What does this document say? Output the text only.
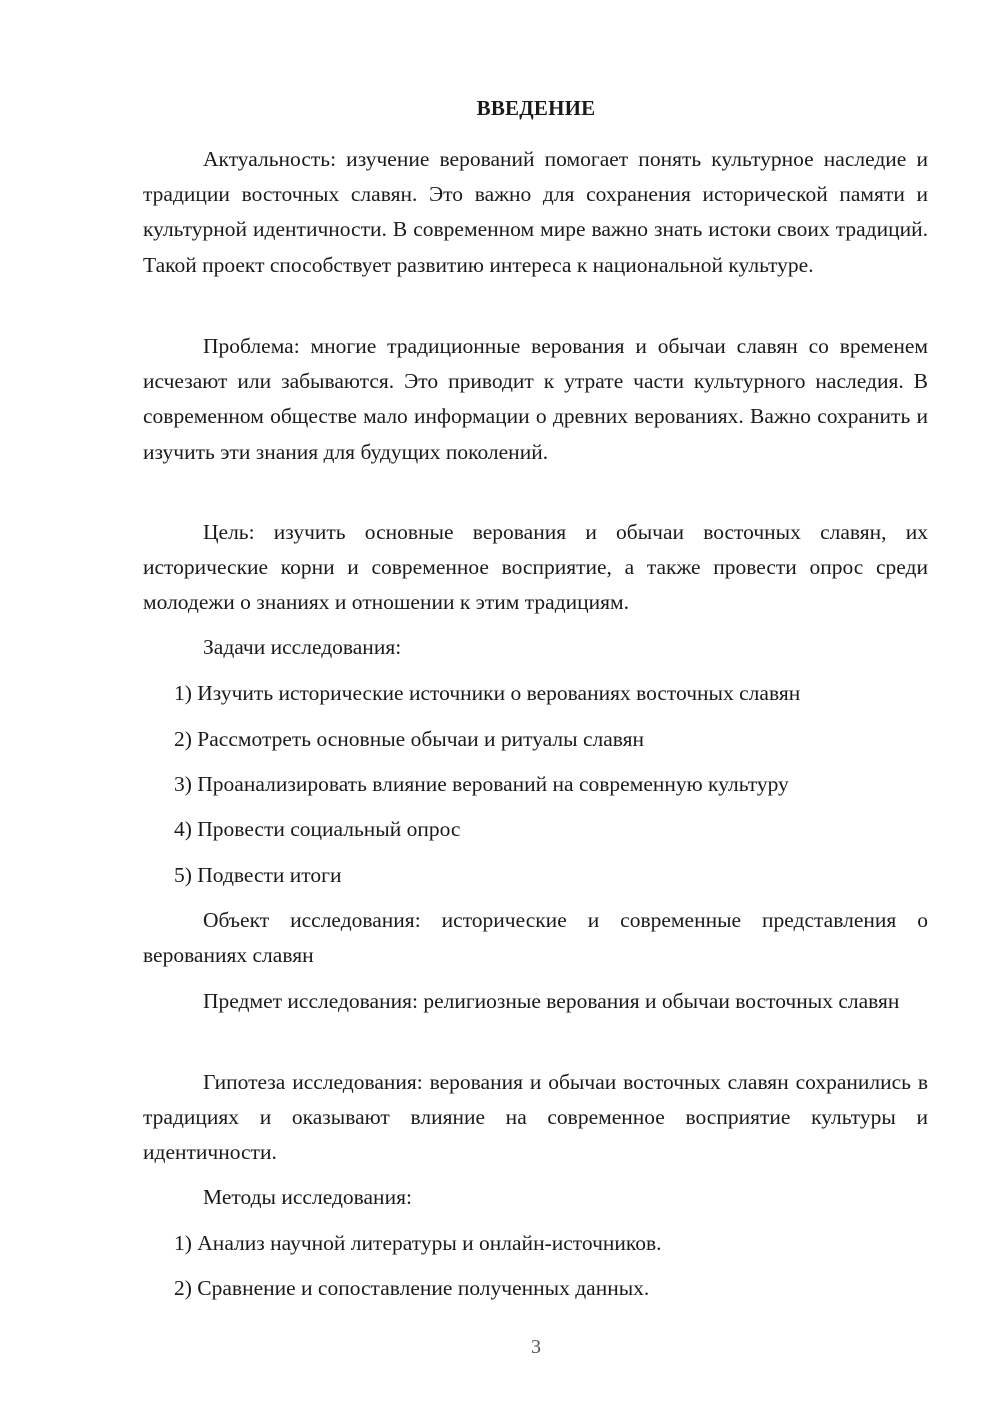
ВВЕДЕНИЕ

Актуальность: изучение верований помогает понять культурное наследие и традиции восточных славян. Это важно для сохранения исторической памяти и культурной идентичности. В современном мире важно знать истоки своих традиций. Такой проект способствует развитию интереса к национальной культуре.

Проблема: многие традиционные верования и обычаи славян со временем исчезают или забываются. Это приводит к утрате части культурного наследия. В современном обществе мало информации о древних верованиях. Важно сохранить и изучить эти знания для будущих поколений.

Цель: изучить основные верования и обычаи восточных славян, их исторические корни и современное восприятие, а также провести опрос среди молодежи о знаниях и отношении к этим традициям.

Задачи исследования:
1) Изучить исторические источники о верованиях восточных славян
2) Рассмотреть основные обычаи и ритуалы славян
3) Проанализировать влияние верований на современную культуру
4) Провести социальный опрос
5) Подвести итоги

Объект исследования: исторические и современные представления о верованиях славян

Предмет исследования: религиозные верования и обычаи восточных славян

Гипотеза исследования: верования и обычаи восточных славян сохранились в традициях и оказывают влияние на современное восприятие культуры и идентичности.

Методы исследования:
1) Анализ научной литературы и онлайн-источников.
2) Сравнение и сопоставление полученных данных.
3
